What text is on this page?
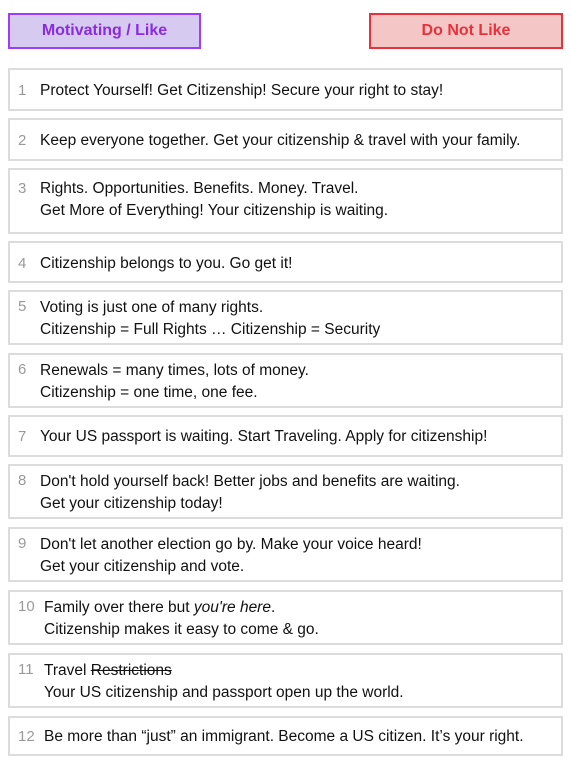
Motivating / Like	Do Not Like
1 Protect Yourself! Get Citizenship! Secure your right to stay!
2 Keep everyone together. Get your citizenship & travel with your family.
3 Rights. Opportunities. Benefits. Money. Travel.
Get More of Everything! Your citizenship is waiting.
4 Citizenship belongs to you. Go get it!
5 Voting is just one of many rights.
Citizenship = Full Rights … Citizenship = Security
6 Renewals = many times, lots of money.
Citizenship = one time, one fee.
7 Your US passport is waiting. Start Traveling. Apply for citizenship!
8 Don't hold yourself back! Better jobs and benefits are waiting.
Get your citizenship today!
9 Don't let another election go by. Make your voice heard!
Get your citizenship and vote.
10 Family over there but you're here.
Citizenship makes it easy to come & go.
11 Travel Restrictions
Your US citizenship and passport open up the world.
12 Be more than “just” an immigrant. Become a US citizen. It’s your right.
